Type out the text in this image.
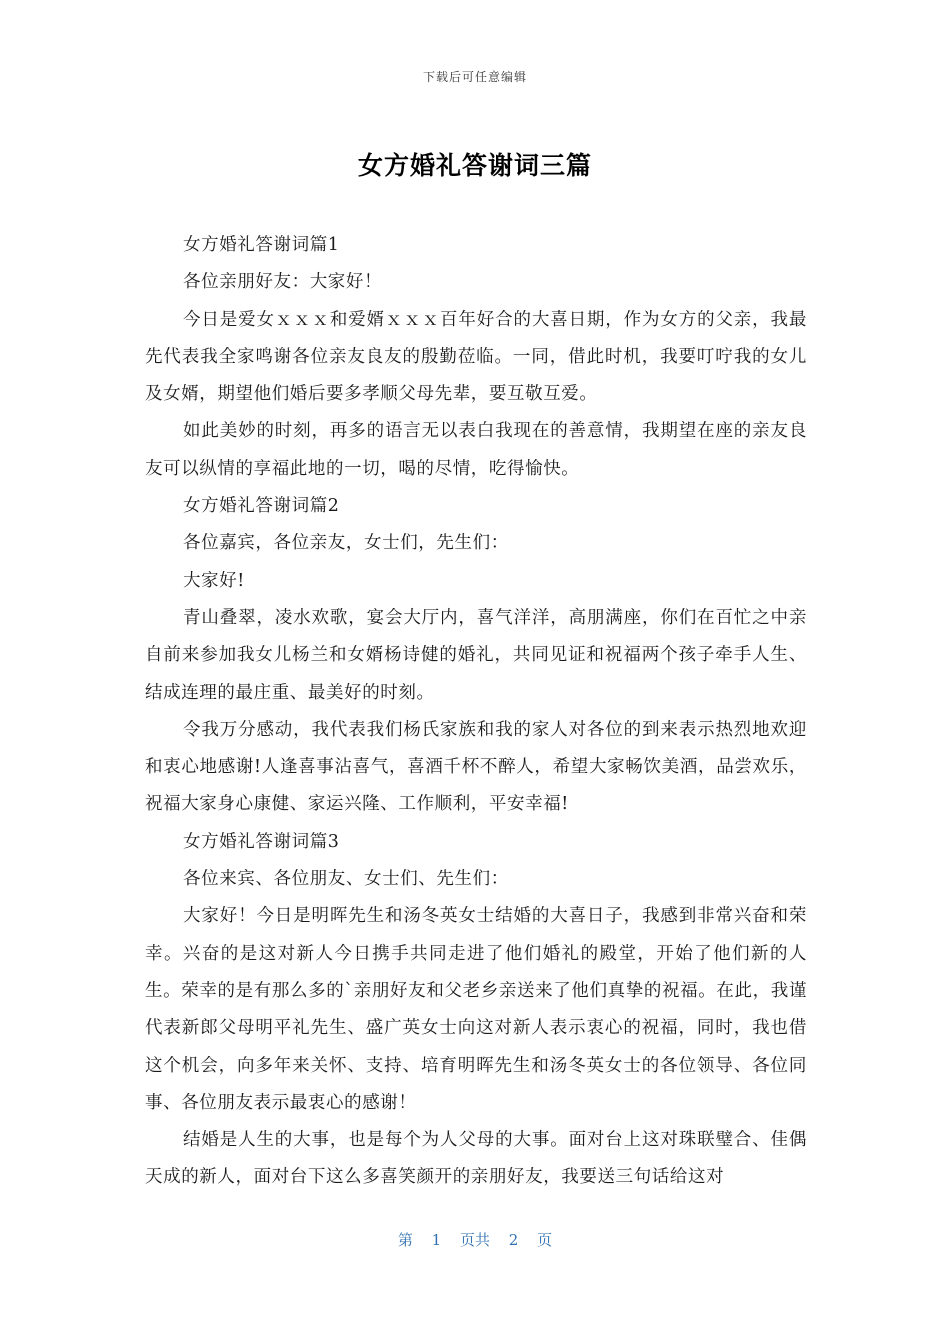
下载后可任意编辑
女方婚礼答谢词三篇

女方婚礼答谢词篇1

各位亲朋好友：大家好！

今日是爱女ｘｘｘ和爱婿ｘｘｘ百年好合的大喜日期，作为女方的父亲，我最先代表我全家鸣谢各位亲友良友的殷勤莅临。一同，借此时机，我要叮咛我的女儿及女婿，期望他们婚后要多孝顺父母先辈，要互敬互爱。

如此美妙的时刻，再多的语言无以表白我现在的善意情，我期望在座的亲友良友可以纵情的享福此地的一切，喝的尽情，吃得愉快。

女方婚礼答谢词篇2

各位嘉宾，各位亲友，女士们，先生们：

大家好!

青山叠翠，凌水欢歌，宴会大厅内，喜气洋洋，高朋满座，你们在百忙之中亲自前来参加我女儿杨兰和女婿杨诗健的婚礼，共同见证和祝福两个孩子牵手人生、结成连理的最庄重、最美好的时刻。

令我万分感动，我代表我们杨氏家族和我的家人对各位的到来表示热烈地欢迎和衷心地感谢!人逢喜事沾喜气，喜酒千杯不醉人，希望大家畅饮美酒，品尝欢乐，祝福大家身心康健、家运兴隆、工作顺利，平安幸福!

女方婚礼答谢词篇3

各位来宾、各位朋友、女士们、先生们：

大家好！今日是明晖先生和汤冬英女士结婚的大喜日子，我感到非常兴奋和荣幸。兴奋的是这对新人今日携手共同走进了他们婚礼的殿堂，开始了他们新的人生。荣幸的是有那么多的`亲朋好友和父老乡亲送来了他们真挚的祝福。在此，我谨代表新郎父母明平礼先生、盛广英女士向这对新人表示衷心的祝福，同时，我也借这个机会，向多年来关怀、支持、培育明晖先生和汤冬英女士的各位领导、各位同事、各位朋友表示最衷心的感谢！

结婚是人生的大事，也是每个为人父母的大事。面对台上这对珠联璧合、佳偶天成的新人，面对台下这么多喜笑颜开的亲朋好友，我要送三句话给这对

第 1 页共 2 页
